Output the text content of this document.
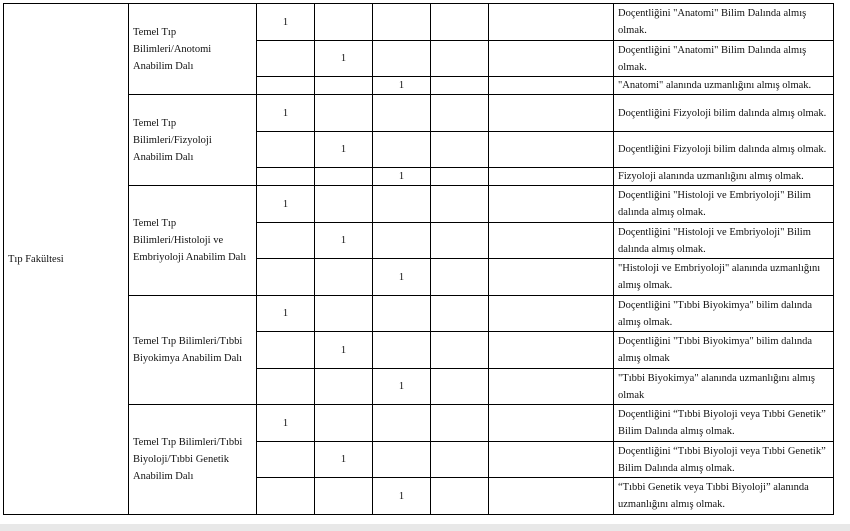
Tıp Fakültesi	Temel Tıp Bilimleri/Anotomi Anabilim Dalı	1					Doçentliğini "Anatomi" Bilim Dalında almış olmak.
			1				Doçentliğini "Anatomi" Bilim Dalında almış olmak.
				1			"Anatomi" alanında uzmanlığını almış olmak.
	Temel Tıp Bilimleri/Fizyoloji Anabilim Dalı	1					Doçentliğini Fizyoloji bilim dalında almış olmak.
			1				Doçentliğini Fizyoloji bilim dalında almış olmak.
				1			Fizyoloji alanında uzmanlığını almış olmak.
	Temel Tıp Bilimleri/Histoloji ve Embriyoloji Anabilim Dalı	1					Doçentliğini "Histoloji ve Embriyoloji" Bilim dalında almış olmak.
			1				Doçentliğini "Histoloji ve Embriyoloji" Bilim dalında almış olmak.
				1			"Histoloji ve Embriyoloji" alanında uzmanlığını almış olmak.
	Temel Tıp Bilimleri/Tıbbi Biyokimya Anabilim Dalı	1					Doçentliğini "Tıbbi Biyokimya" bilim dalında almış olmak.
			1				Doçentliğini "Tıbbi Biyokimya" bilim dalında almış olmak
				1			"Tıbbi Biyokimya" alanında uzmanlığını almış olmak
	Temel Tıp Bilimleri/Tıbbi Biyoloji/Tıbbi Genetik Anabilim Dalı	1					Doçentliğini “Tıbbi Biyoloji veya Tıbbi Genetik” Bilim Dalında almış olmak.
			1				Doçentliğini “Tıbbi Biyoloji veya Tıbbi Genetik” Bilim Dalında almış olmak.
				1			“Tıbbi Genetik veya Tıbbi Biyoloji” alanında uzmanlığını almış olmak.
